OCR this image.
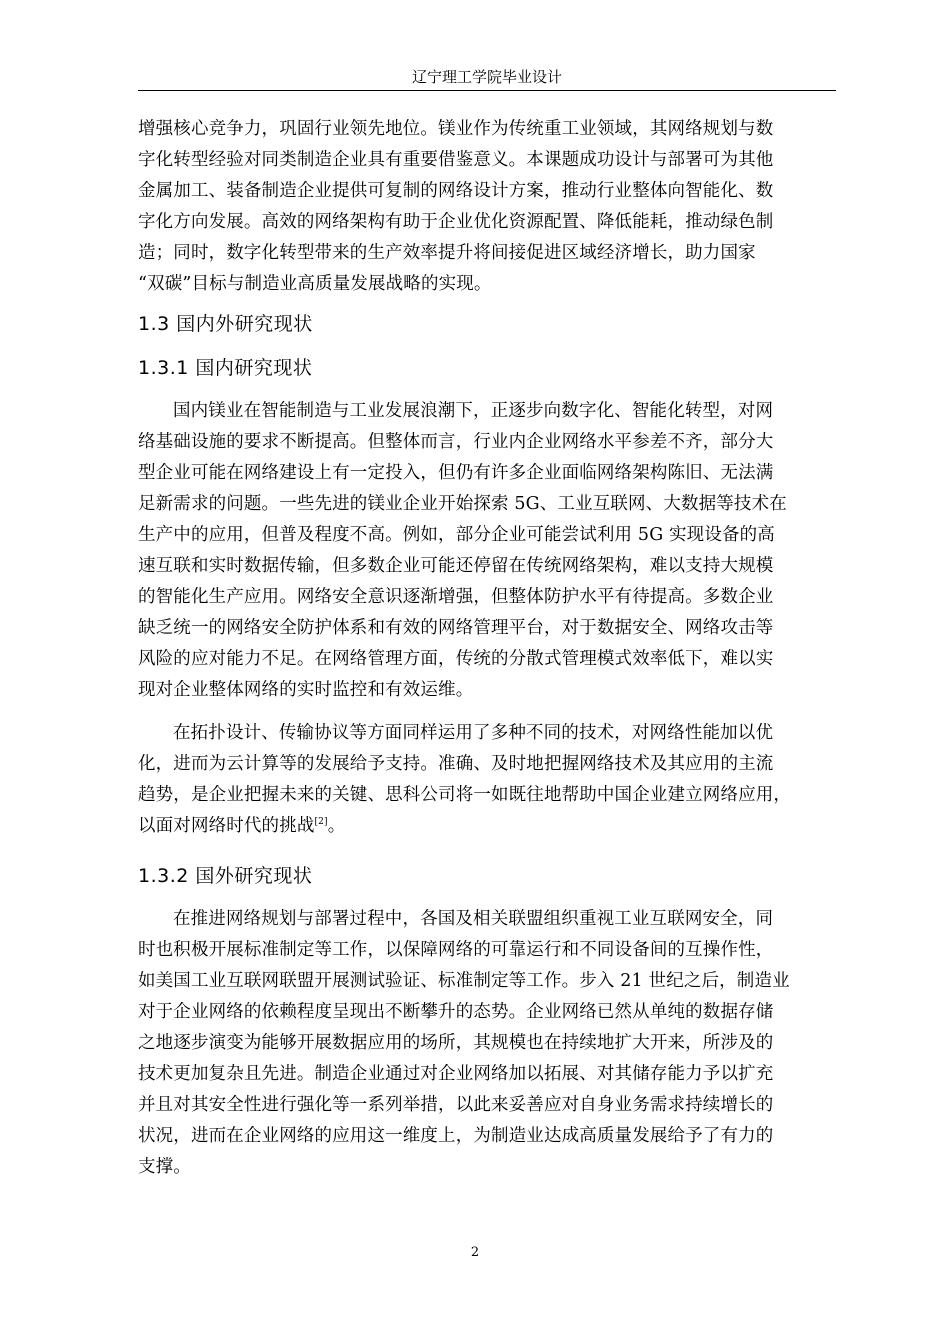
辽宁理工学院毕业设计
增强核心竞争力，巩固行业领先地位。镁业作为传统重工业领域，其网络规划与数
字化转型经验对同类制造企业具有重要借鉴意义。本课题成功设计与部署可为其他
金属加工、装备制造企业提供可复制的网络设计方案，推动行业整体向智能化、数
字化方向发展。高效的网络架构有助于企业优化资源配置、降低能耗，推动绿色制
造；同时，数字化转型带来的生产效率提升将间接促进区域经济增长，助力国家
“双碳”目标与制造业高质量发展战略的实现。
1.3 国内外研究现状
1.3.1 国内研究现状
国内镁业在智能制造与工业发展浪潮下，正逐步向数字化、智能化转型，对网
络基础设施的要求不断提高。但整体而言，行业内企业网络水平参差不齐，部分大
型企业可能在网络建设上有一定投入，但仍有许多企业面临网络架构陈旧、无法满
足新需求的问题。一些先进的镁业企业开始探索 5G、工业互联网、大数据等技术在
生产中的应用，但普及程度不高。例如，部分企业可能尝试利用 5G 实现设备的高
速互联和实时数据传输，但多数企业可能还停留在传统网络架构，难以支持大规模
的智能化生产应用。网络安全意识逐渐增强，但整体防护水平有待提高。多数企业
缺乏统一的网络安全防护体系和有效的网络管理平台，对于数据安全、网络攻击等
风险的应对能力不足。在网络管理方面，传统的分散式管理模式效率低下，难以实
现对企业整体网络的实时监控和有效运维。
在拓扑设计、传输协议等方面同样运用了多种不同的技术，对网络性能加以优
化，进而为云计算等的发展给予支持。准确、及时地把握网络技术及其应用的主流
趋势，是企业把握未来的关键、思科公司将一如既往地帮助中国企业建立网络应用，
以面对网络时代的挑战[2]。
1.3.2 国外研究现状
在推进网络规划与部署过程中，各国及相关联盟组织重视工业互联网安全，同
时也积极开展标准制定等工作，以保障网络的可靠运行和不同设备间的互操作性，
如美国工业互联网联盟开展测试验证、标准制定等工作。步入 21 世纪之后，制造业
对于企业网络的依赖程度呈现出不断攀升的态势。企业网络已然从单纯的数据存储
之地逐步演变为能够开展数据应用的场所，其规模也在持续地扩大开来，所涉及的
技术更加复杂且先进。制造企业通过对企业网络加以拓展、对其储存能力予以扩充
并且对其安全性进行强化等一系列举措，以此来妥善应对自身业务需求持续增长的
状况，进而在企业网络的应用这一维度上，为制造业达成高质量发展给予了有力的
支撑。
2
